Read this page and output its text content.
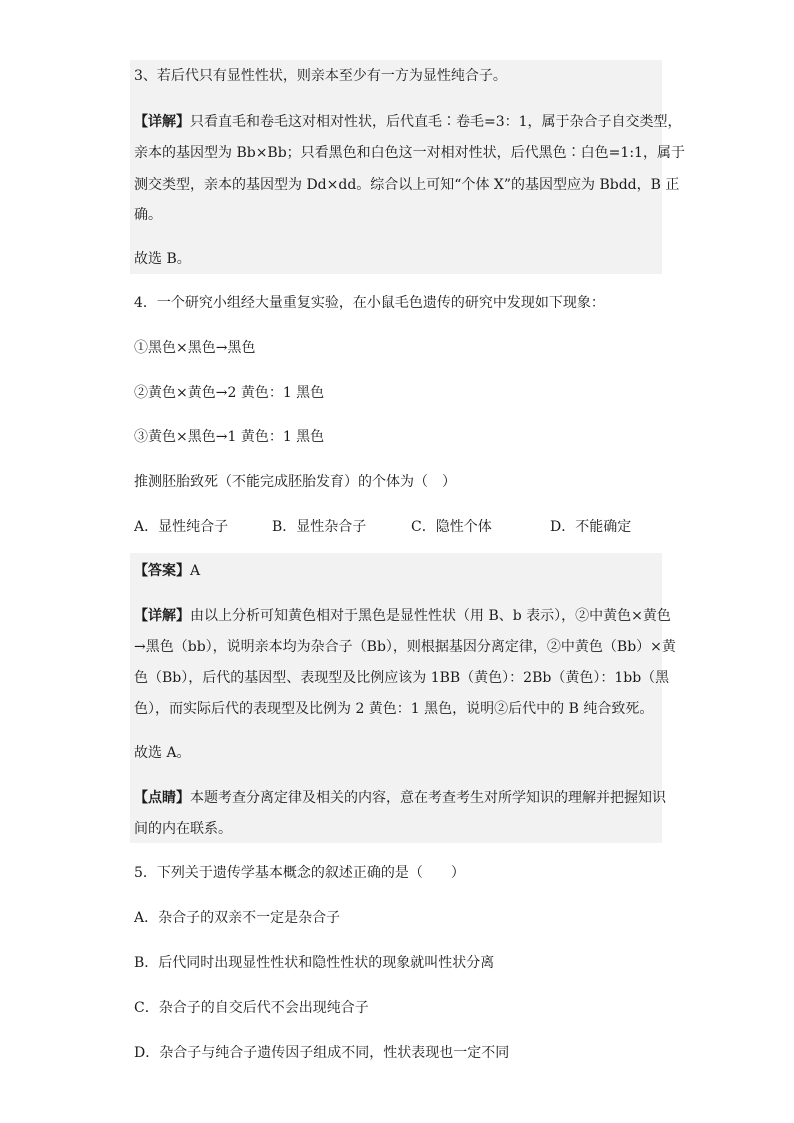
3、若后代只有显性性状，则亲本至少有一方为显性纯合子。
【详解】只看直毛和卷毛这对相对性状，后代直毛∶卷毛=3：1，属于杂合子自交类型，
亲本的基因型为 Bb×Bb；只看黑色和白色这一对相对性状，后代黑色∶白色=1:1，属于
测交类型，亲本的基因型为 Dd×dd。综合以上可知“个体 X”的基因型应为 Bbdd，B 正
确。
故选 B。
4．一个研究小组经大量重复实验，在小鼠毛色遗传的研究中发现如下现象：
①黑色×黑色→黑色
②黄色×黄色→2 黄色：1 黑色
③黄色×黑色→1 黄色：1 黑色
推测胚胎致死（不能完成胚胎发育）的个体为（　）
A．显性纯合子	B．显性杂合子	C．隐性个体	D．不能确定
【答案】A
【详解】由以上分析可知黄色相对于黑色是显性性状（用 B、b 表示），②中黄色×黄色
→黑色（bb），说明亲本均为杂合子（Bb），则根据基因分离定律，②中黄色（Bb）×黄
色（Bb），后代的基因型、表现型及比例应该为 1BB（黄色）：2Bb（黄色）：1bb（黑
色），而实际后代的表现型及比例为 2 黄色：1 黑色，说明②后代中的 B 纯合致死。
故选 A。
【点睛】本题考查分离定律及相关的内容，意在考查考生对所学知识的理解并把握知识
间的内在联系。
5．下列关于遗传学基本概念的叙述正确的是（　　）
A．杂合子的双亲不一定是杂合子
B．后代同时出现显性性状和隐性性状的现象就叫性状分离
C．杂合子的自交后代不会出现纯合子
D．杂合子与纯合子遗传因子组成不同，性状表现也一定不同
